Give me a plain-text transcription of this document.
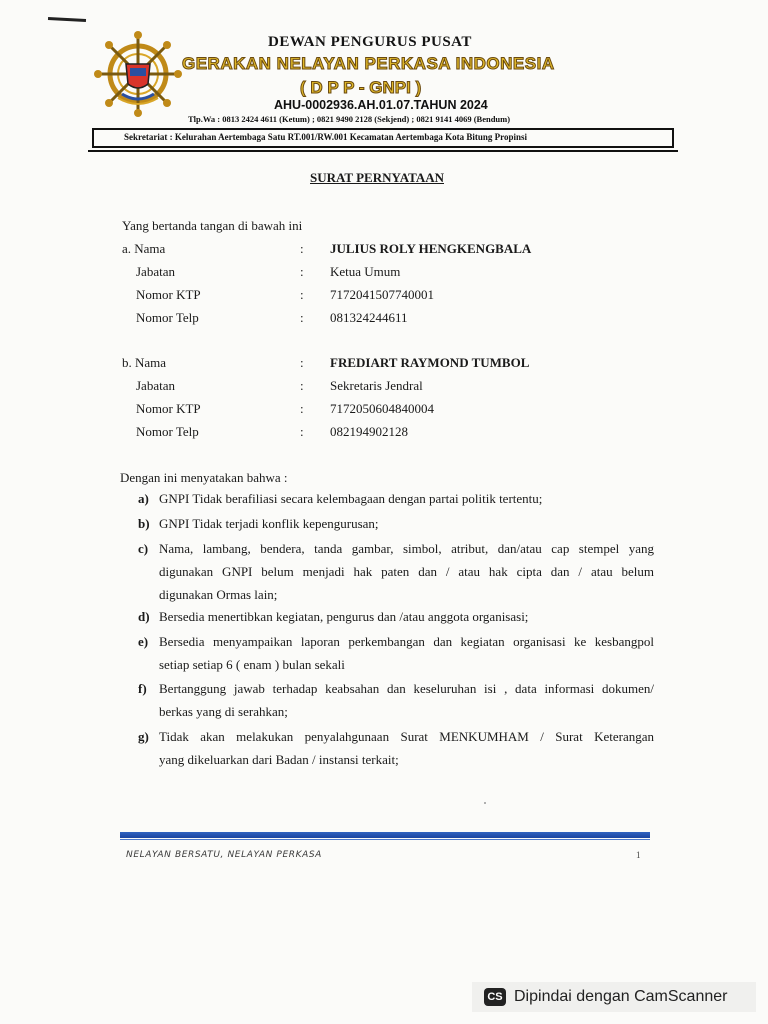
DEWAN PENGURUS PUSAT
GERAKAN NELAYAN PERKASA INDONESIA
( D P P - GNPI )
AHU-0002936.AH.01.07.TAHUN 2024
Tlp.Wa : 0813 2424 4611 (Ketum) ; 0821 9490 2128 (Sekjend) ; 0821 9141 4069 (Bendum)
Sekretariat : Kelurahan Aertembaga Satu RT.001/RW.001 Kecamatan Aertembaga Kota Bitung Propinsi
SURAT PERNYATAAN
Yang bertanda tangan di bawah ini
a. Nama	: JULIUS ROLY HENGKENGBALA
Jabatan	: Ketua Umum
Nomor KTP	: 7172041507740001
Nomor Telp	: 081324244611
b. Nama	: FREDIART RAYMOND TUMBOL
Jabatan	: Sekretaris Jendral
Nomor KTP	: 7172050604840004
Nomor Telp	: 082194902128
Dengan ini menyatakan bahwa :
a) GNPI Tidak berafiliasi secara kelembagaan dengan partai politik tertentu;
b) GNPI Tidak terjadi konflik kepengurusan;
c) Nama, lambang, bendera, tanda gambar, simbol, atribut, dan/atau cap stempel yang
digunakan GNPI belum menjadi hak paten dan / atau hak cipta dan / atau belum
digunakan Ormas lain;
d) Bersedia menertibkan kegiatan, pengurus dan /atau anggota organisasi;
e) Bersedia menyampaikan laporan perkembangan dan kegiatan organisasi ke kesbangpol
setiap setiap 6 ( enam ) bulan sekali
f) Bertanggung jawab terhadap keabsahan dan keseluruhan isi , data informasi dokumen/
berkas yang di serahkan;
g) Tidak akan melakukan penyalahgunaan Surat MENKUMHAM / Surat Keterangan
yang dikeluarkan dari Badan / instansi terkait;
NELAYAN BERSATU, NELAYAN PERKASA	1
CS Dipindai dengan CamScanner
